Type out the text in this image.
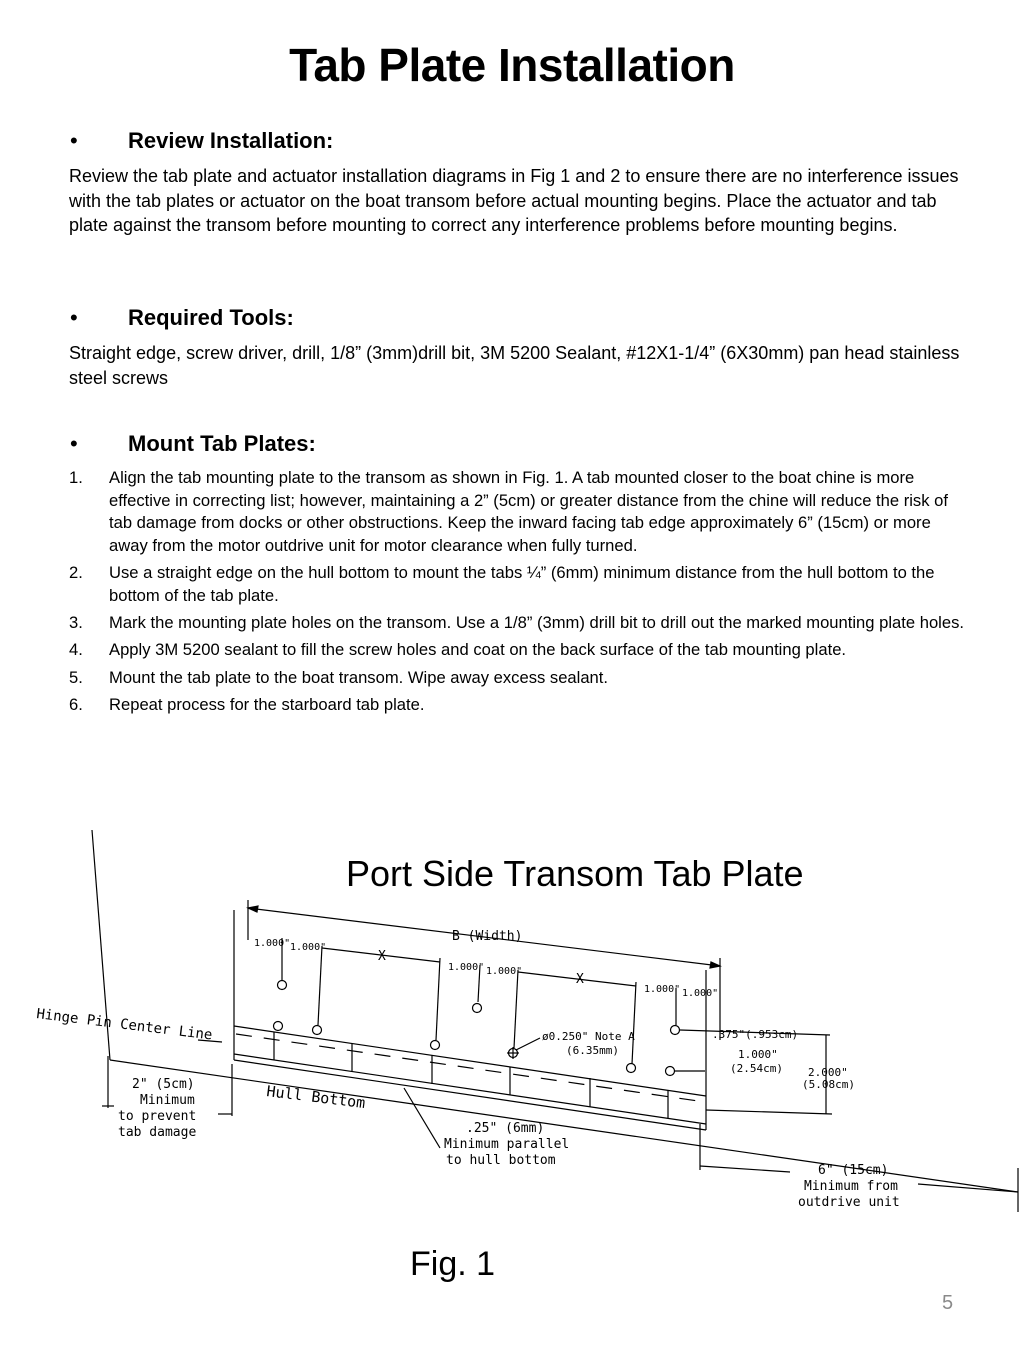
Tab Plate Installation
• Review Installation:
Review the tab plate and actuator installation diagrams in Fig 1 and 2 to ensure there are no interference issues with the tab plates or actuator on the boat transom before actual mounting begins. Place the actuator and tab plate against the transom before mounting to correct any interference problems before mounting begins.
• Required Tools:
Straight edge, screw driver, drill, 1/8” (3mm)drill bit, 3M 5200 Sealant, #12X1-1/4” (6X30mm) pan head stainless steel screws
• Mount Tab Plates:
1. Align the tab mounting plate to the transom as shown in Fig. 1. A tab mounted closer to the boat chine is more effective in correcting list; however, maintaining a 2” (5cm) or greater distance from the chine will reduce the risk of tab damage from docks or other obstructions. Keep the inward facing tab edge approximately 6” (15cm) or more away from the motor outdrive unit for motor clearance when fully turned.
2. Use a straight edge on the hull bottom to mount the tabs ¼” (6mm) minimum distance from the hull bottom to the bottom of the tab plate.
3. Mark the mounting plate holes on the transom. Use a 1/8” (3mm) drill bit to drill out the marked mounting plate holes.
4. Apply 3M 5200 sealant to fill the screw holes and coat on the back surface of the tab mounting plate.
5. Mount the tab plate to the boat transom. Wipe away excess sealant.
6. Repeat process for the starboard tab plate.
Port Side Transom Tab Plate
B (Width)
1.000" 1.000"
X
1.000" 1.000"
X
1.000" 1.000"
Hinge Pin Center Line
Hull Bottom
ø0.250" Note A
(6.35mm)
.375"(.953cm)
1.000"
(2.54cm) 2.000"
(5.08cm)
2" (5cm)
Minimum
to prevent
tab damage	.25" (6mm)
Minimum parallel
to hull bottom
6" (15cm)
Minimum from
outdrive unit
Fig. 1
5
